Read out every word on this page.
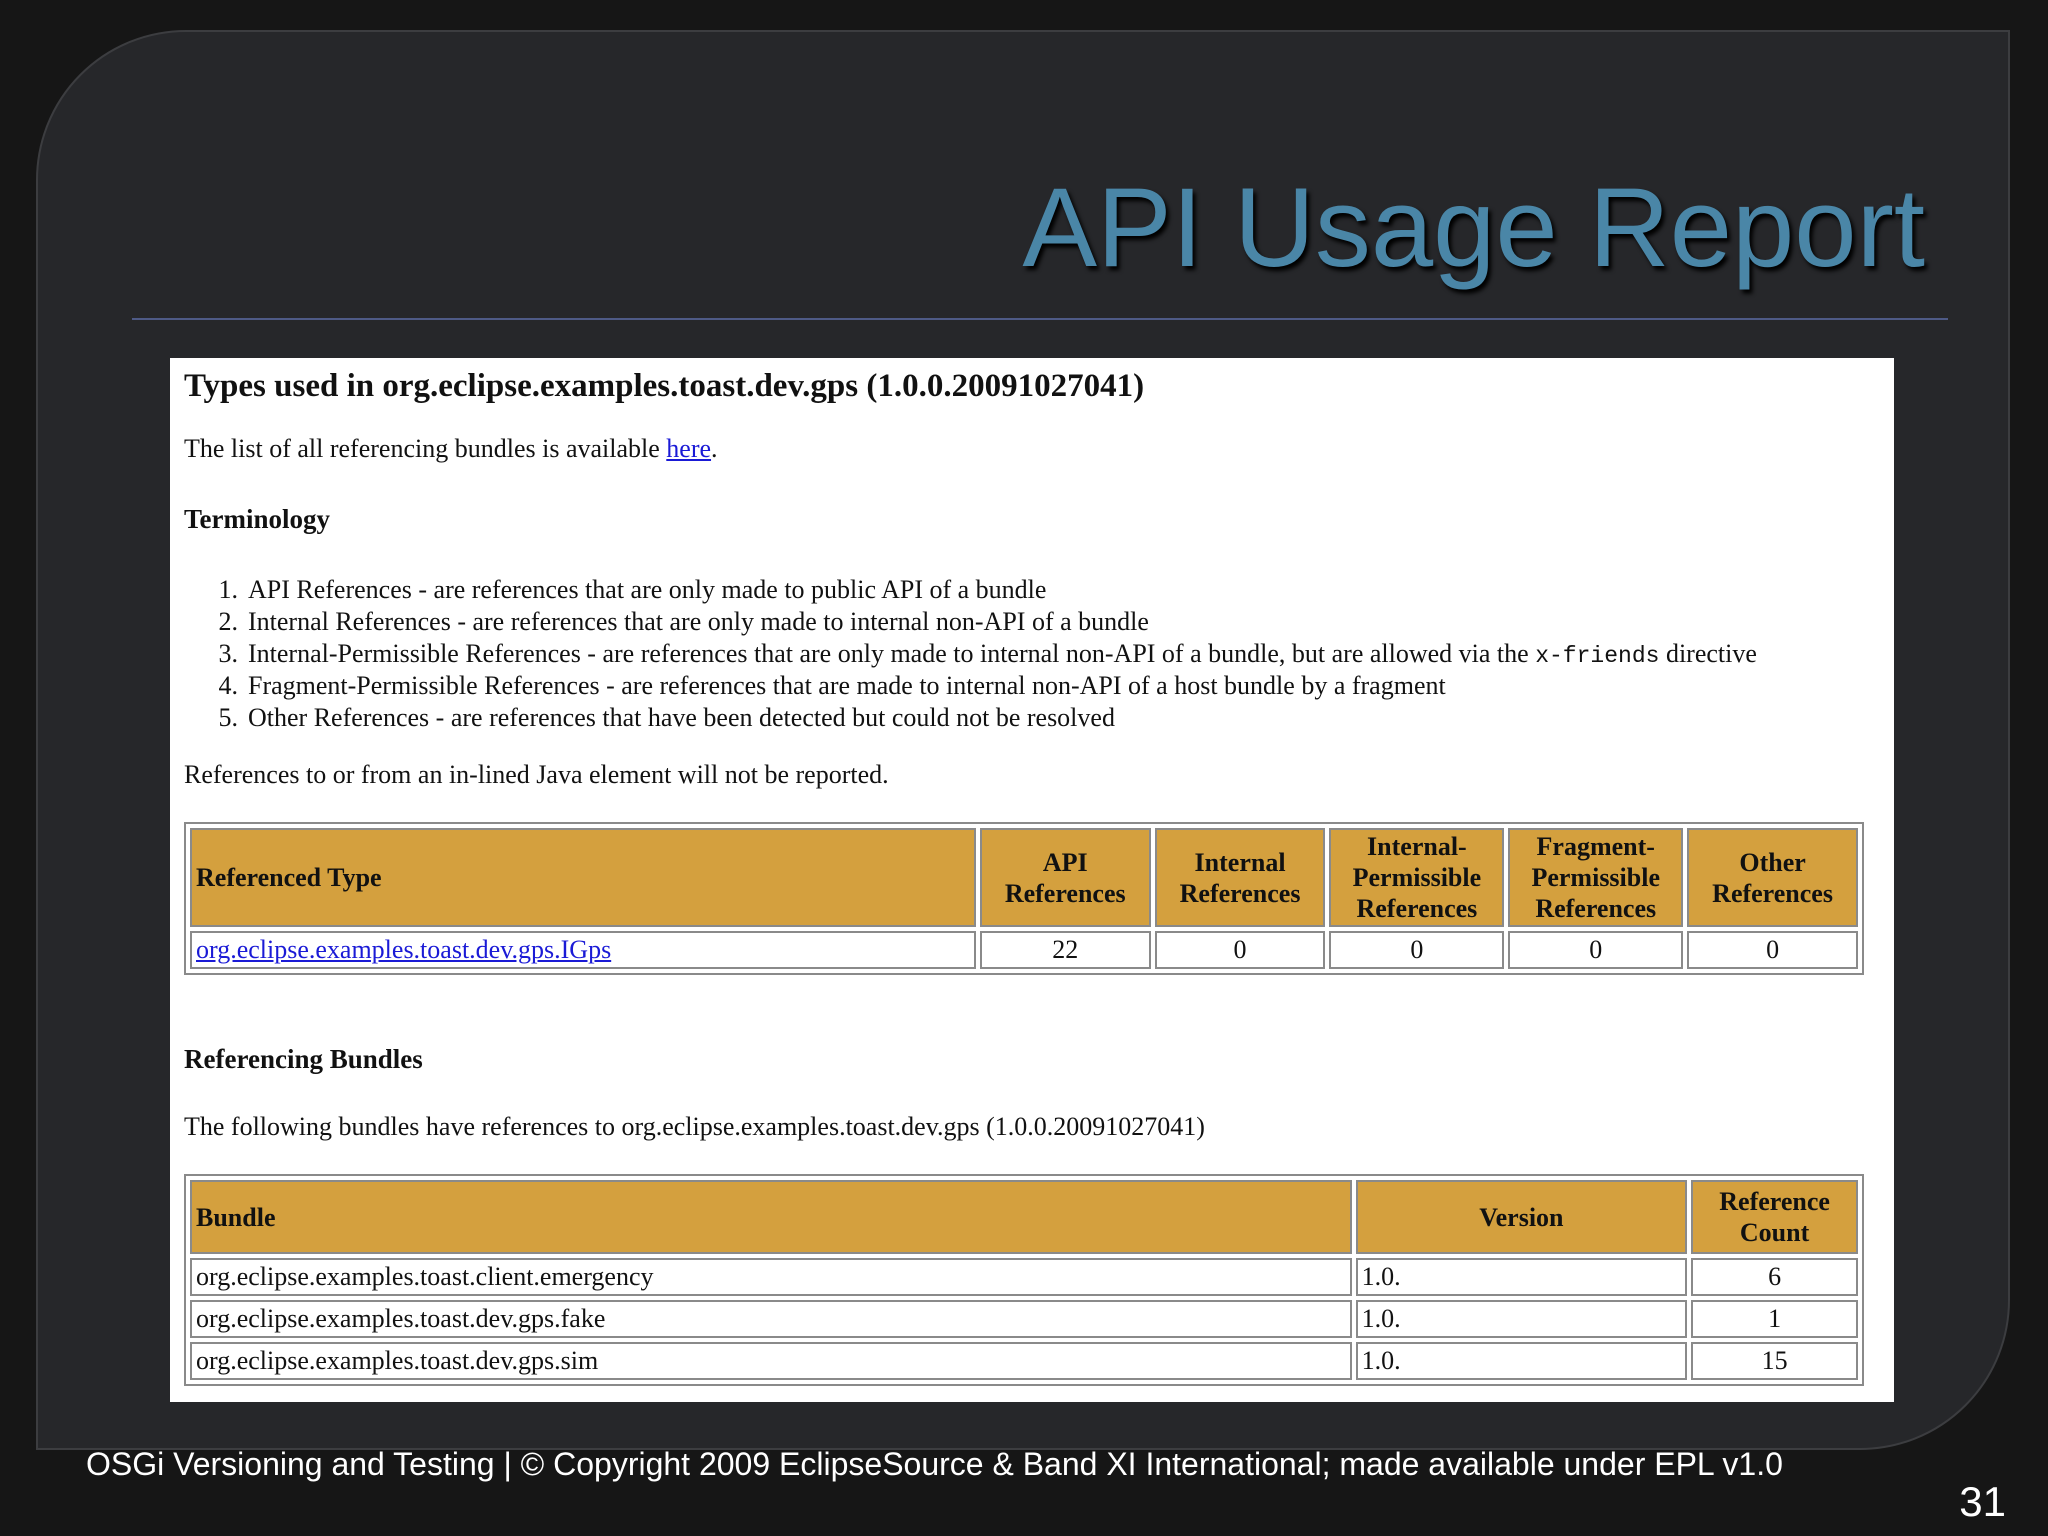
API Usage Report
Types used in org.eclipse.examples.toast.dev.gps (1.0.0.20091027041)

The list of all referencing bundles is available here.

Terminology
1. API References - are references that are only made to public API of a bundle
2. Internal References - are references that are only made to internal non-API of a bundle
3. Internal-Permissible References - are references that are only made to internal non-API of a bundle, but are allowed via the x-friends directive
4. Fragment-Permissible References - are references that are made to internal non-API of a host bundle by a fragment
5. Other References - are references that have been detected but could not be resolved

References to or from an in-lined Java element will not be reported.

Referenced Type	API References	Internal References	Internal-Permissible References	Fragment-Permissible References	Other References
org.eclipse.examples.toast.dev.gps.IGps	22	0	0	0	0
Referencing Bundles

The following bundles have references to org.eclipse.examples.toast.dev.gps (1.0.0.20091027041)

Bundle	Version	Reference Count
org.eclipse.examples.toast.client.emergency	1.0.	6
org.eclipse.examples.toast.dev.gps.fake	1.0.	1
org.eclipse.examples.toast.dev.gps.sim	1.0.	15
OSGi Versioning and Testing | © Copyright 2009 EclipseSource & Band XI International; made available under EPL v1.0
31
